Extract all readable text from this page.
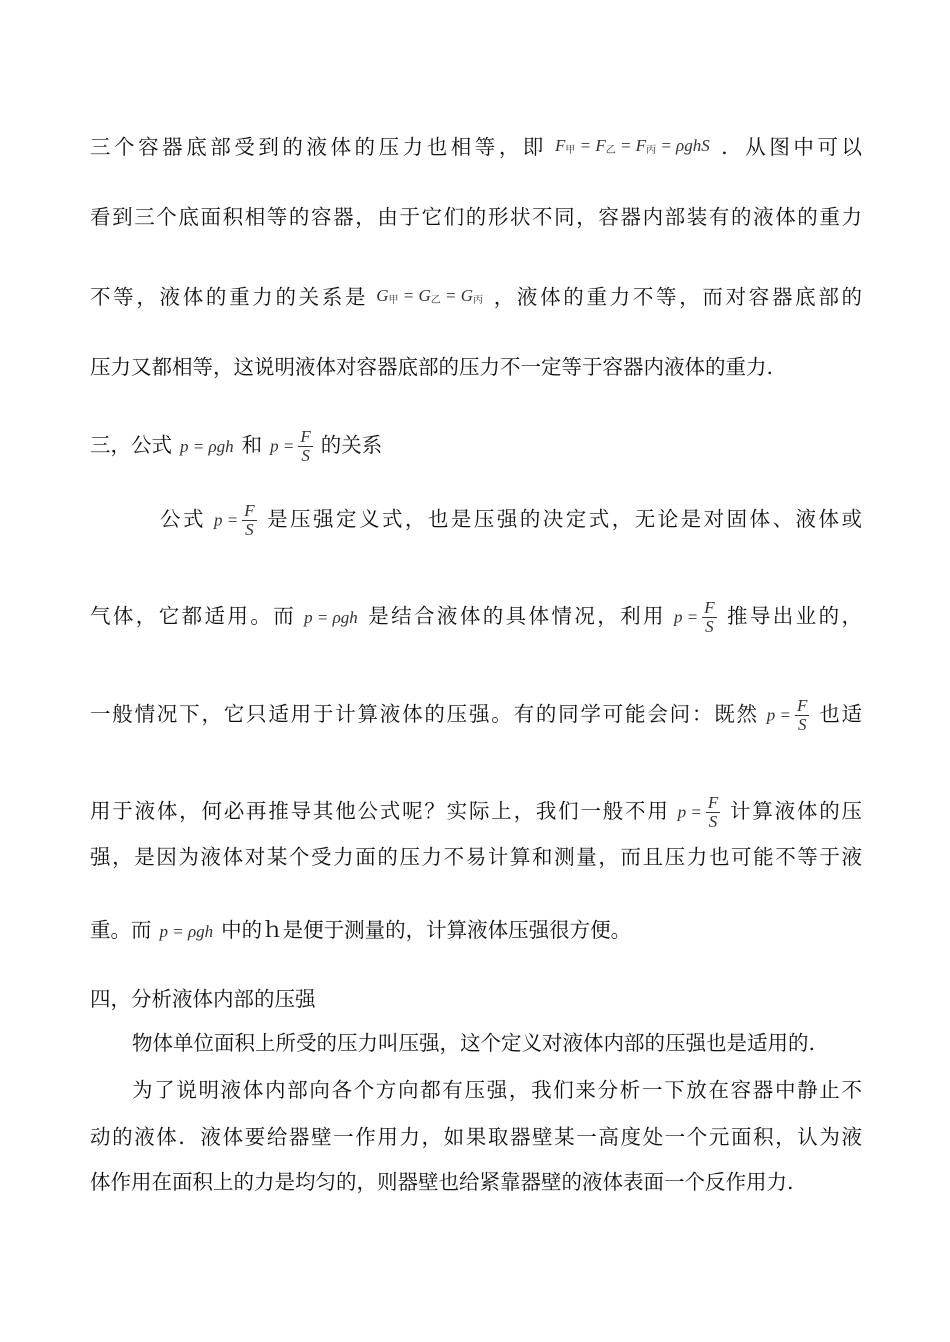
三个容器底部受到的液体的压力也相等，即 $F_甲 = F_乙 = F_丙 = \rho ghS$ ．从图中可以
看到三个底面积相等的容器，由于它们的形状不同，容器内部装有的液体的重力
不等，液体的重力的关系是 $G_甲 = G_乙 = G_丙$ ，液体的重力不等，而对容器底部的
压力又都相等，这说明液体对容器底部的压力不一定等于容器内液体的重力.
三，公式 p = ρgh 和 $p = \frac{F}{S}$ 的关系
公式 $p = \frac{F}{S}$ 是压强定义式，也是压强的决定式，无论是对固体、液体或
气体，它都适用。而 p = ρgh 是结合液体的具体情况，利用 $p = \frac{F}{S}$ 推导出业的，
一般情况下，它只适用于计算液体的压强。有的同学可能会问：既然 $p = \frac{F}{S}$ 也适
用于液体，何必再推导其他公式呢？实际上，我们一般不用 $p = \frac{F}{S}$ 计算液体的压
强，是因为液体对某个受力面的压力不易计算和测量，而且压力也可能不等于液
重。而 p = ρgh 中的ｈ是便于测量的，计算液体压强很方便。
四，分析液体内部的压强
物体单位面积上所受的压力叫压强，这个定义对液体内部的压强也是适用的.
为了说明液体内部向各个方向都有压强，我们来分析一下放在容器中静止不
动的液体．液体要给器壁一作用力，如果取器壁某一高度处一个元面积，认为液
体作用在面积上的力是均匀的，则器壁也给紧靠器壁的液体表面一个反作用力.
